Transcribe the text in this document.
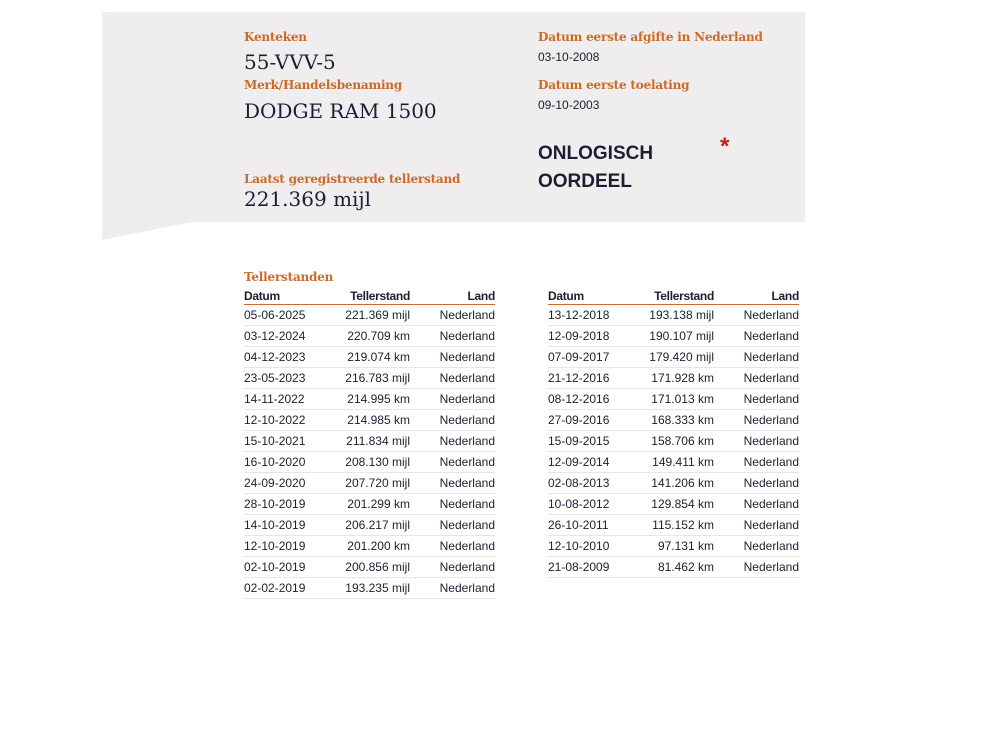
Kenteken
55-VVV-5
Merk/Handelsbenaming
DODGE RAM 1500
Laatst geregistreerde tellerstand
221.369 mijl
Datum eerste afgifte in Nederland
03-10-2008
Datum eerste toelating
09-10-2003
ONLOGISCH
OORDEEL
*
Tellerstanden
Datum	Tellerstand	Land
05-06-2025	221.369 mijl	Nederland
03-12-2024	220.709 km	Nederland
04-12-2023	219.074 km	Nederland
23-05-2023	216.783 mijl	Nederland
14-11-2022	214.995 km	Nederland
12-10-2022	214.985 km	Nederland
15-10-2021	211.834 mijl	Nederland
16-10-2020	208.130 mijl	Nederland
24-09-2020	207.720 mijl	Nederland
28-10-2019	201.299 km	Nederland
14-10-2019	206.217 mijl	Nederland
12-10-2019	201.200 km	Nederland
02-10-2019	200.856 mijl	Nederland
02-02-2019	193.235 mijl	Nederland
Datum	Tellerstand	Land
13-12-2018	193.138 mijl	Nederland
12-09-2018	190.107 mijl	Nederland
07-09-2017	179.420 mijl	Nederland
21-12-2016	171.928 km	Nederland
08-12-2016	171.013 km	Nederland
27-09-2016	168.333 km	Nederland
15-09-2015	158.706 km	Nederland
12-09-2014	149.411 km	Nederland
02-08-2013	141.206 km	Nederland
10-08-2012	129.854 km	Nederland
26-10-2011	115.152 km	Nederland
12-10-2010	97.131 km	Nederland
21-08-2009	81.462 km	Nederland
